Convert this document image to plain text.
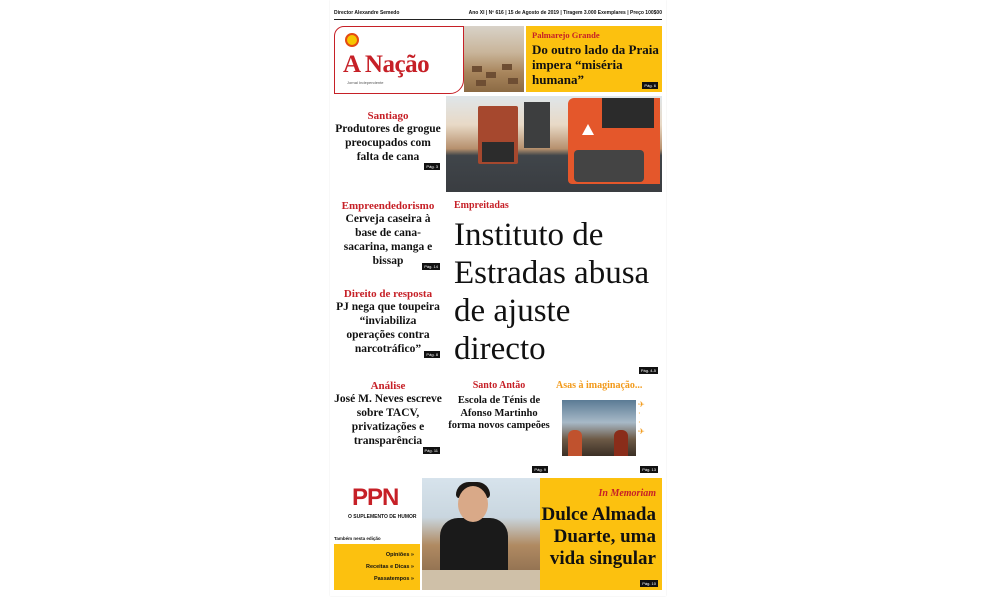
Director Alexandre Semedo	Ano XI | Nº 616 | 15 de Agosto de 2019 | Tiragem 3.000 Exemplares | Preço 100$00
A Nação
Jornal Independente
Palmarejo Grande
Do outro lado da Praia impera “miséria humana”	Pág. 6
Santiago
Produtores de grogue preocupados com falta de cana
Pág. 3
Empreendedorismo
Cerveja caseira à base de cana-sacarina, manga e bissap	Pág. 14
Direito de resposta
PJ nega que toupeira “inviabiliza operações contra narcotráfico”	Pág. 8
Análise
José M. Neves escreve sobre TACV, privatizações e transparência
Pág. 11
Empreitadas
Instituto de Estradas abusa de ajuste directo
Pág. 4-5
Santo Antão
Escola de Ténis de Afonso Martinho forma novos campeões
Pág. 9
Asas à imaginação...
✈
·
·
✈
Pág. 13
PPN
O SUPLEMENTO DE HUMOR
Também nesta edição
Opiniões »
Receitas e Dicas »
Passatempos »
In Memoriam
Dulce Almada Duarte, uma vida singular
Pág. 10
